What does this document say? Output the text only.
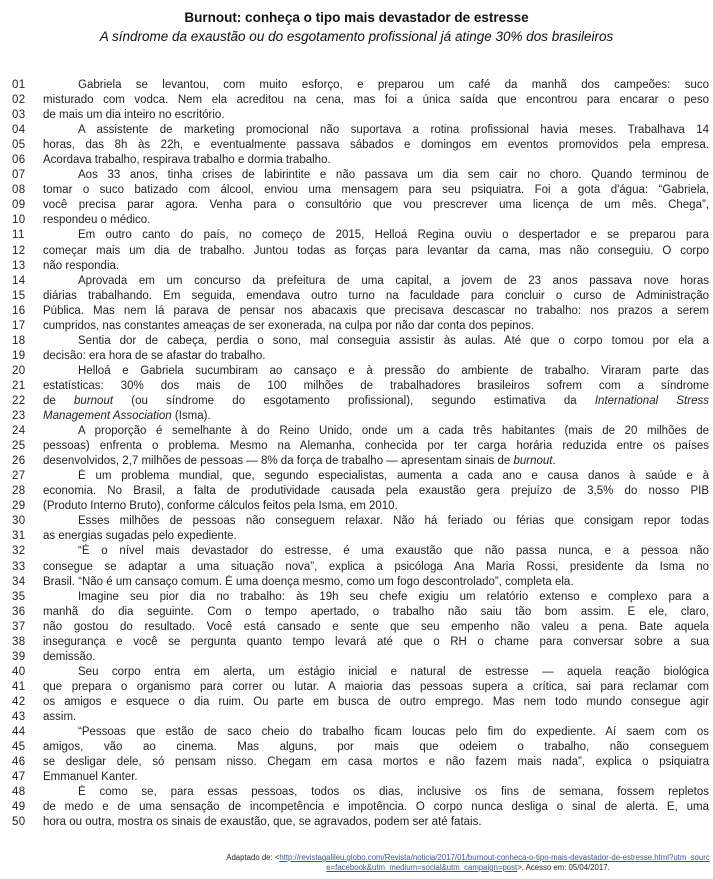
Burnout: conheça o tipo mais devastador de estresse
A síndrome da exaustão ou do esgotamento profissional já atinge 30% dos brasileiros
01	Gabriela se levantou, com muito esforço, e preparou um café da manhã dos campeões: suco
02	misturado com vodca. Nem ela acreditou na cena, mas foi a única saída que encontrou para encarar o peso
03	de mais um dia inteiro no escritório.
04	A assistente de marketing promocional não suportava a rotina profissional havia meses. Trabalhava 14
05	horas, das 8h às 22h, e eventualmente passava sábados e domingos em eventos promovidos pela empresa.
06	Acordava trabalho, respirava trabalho e dormia trabalho.
07	Aos 33 anos, tinha crises de labirintite e não passava um dia sem cair no choro. Quando terminou de
08	tomar o suco batizado com álcool, enviou uma mensagem para seu psiquiatra. Foi a gota d'água: “Gabriela,
09	você precisa parar agora. Venha para o consultório que vou prescrever uma licença de um mês. Chega”,
10	respondeu o médico.
11	Em outro canto do país, no começo de 2015, Helloá Regina ouviu o despertador e se preparou para
12	começar mais um dia de trabalho. Juntou todas as forças para levantar da cama, mas não conseguiu. O corpo
13	não respondia.
14	Aprovada em um concurso da prefeitura de uma capital, a jovem de 23 anos passava nove horas
15	diárias trabalhando. Em seguida, emendava outro turno na faculdade para concluir o curso de Administração
16	Pública. Mas nem lá parava de pensar nos abacaxis que precisava descascar no trabalho: nos prazos a serem
17	cumpridos, nas constantes ameaças de ser exonerada, na culpa por não dar conta dos pepinos.
18	Sentia dor de cabeça, perdia o sono, mal conseguia assistir às aulas. Até que o corpo tomou por ela a
19	decisão: era hora de se afastar do trabalho.
20	Helloá e Gabriela sucumbiram ao cansaço e à pressão do ambiente de trabalho. Viraram parte das
21	estatísticas: 30% dos mais de 100 milhões de trabalhadores brasileiros sofrem com a síndrome
22	de burnout (ou síndrome do esgotamento profissional), segundo estimativa da International Stress
23	Management Association (Isma).
24	A proporção é semelhante à do Reino Unido, onde um a cada três habitantes (mais de 20 milhões de
25	pessoas) enfrenta o problema. Mesmo na Alemanha, conhecida por ter carga horária reduzida entre os países
26	desenvolvidos, 2,7 milhões de pessoas — 8% da força de trabalho — apresentam sinais de burnout.
27	É um problema mundial, que, segundo especialistas, aumenta a cada ano e causa danos à saúde e à
28	economia. No Brasil, a falta de produtividade causada pela exaustão gera prejuízo de 3,5% do nosso PIB
29	(Produto Interno Bruto), conforme cálculos feitos pela Isma, em 2010.
30	Esses milhões de pessoas não conseguem relaxar. Não há feriado ou férias que consigam repor todas
31	as energias sugadas pelo expediente.
32	“É o nível mais devastador do estresse, é uma exaustão que não passa nunca, e a pessoa não
33	consegue se adaptar a uma situação nova”, explica a psicóloga Ana Maria Rossi, presidente da Isma no
34	Brasil. “Não é um cansaço comum. É uma doença mesmo, como um fogo descontrolado”, completa ela.
35	Imagine seu pior dia no trabalho: às 19h seu chefe exigiu um relatório extenso e complexo para a
36	manhã do dia seguinte. Com o tempo apertado, o trabalho não saiu tão bom assim. E ele, claro,
37	não gostou do resultado. Você está cansado e sente que seu empenho não valeu a pena. Bate aquela
38	insegurança e você se pergunta quanto tempo levará até que o RH o chame para conversar sobre a sua
39	demissão.
40	Seu corpo entra em alerta, um estágio inicial e natural de estresse — aquela reação biológica
41	que prepara o organismo para correr ou lutar. A maioria das pessoas supera a crítica, sai para reclamar com
42	os amigos e esquece o dia ruim. Ou parte em busca de outro emprego. Mas nem todo mundo consegue agir
43	assim.
44	“Pessoas que estão de saco cheio do trabalho ficam loucas pelo fim do expediente. Aí saem com os
45	amigos, vão ao cinema. Mas alguns, por mais que odeiem o trabalho, não conseguem
46	se desligar dele, só pensam nisso. Chegam em casa mortos e não fazem mais nada”, explica o psiquiatra
47	Emmanuel Kanter.
48	É como se, para essas pessoas, todos os dias, inclusive os fins de semana, fossem repletos
49	de medo e de uma sensação de incompetência e impotência. O corpo nunca desliga o sinal de alerta. E, uma
50	hora ou outra, mostra os sinais de exaustão, que, se agravados, podem ser até fatais.
Adaptado de: <http://revistagalileu.globo.com/Revista/noticia/2017/01/burnout-conheca-o-tipo-mais-devastador-de-estresse.html?utm_source=facebook&utm_medium=social&utm_campaign=post>. Acesso em: 05/04/2017.
